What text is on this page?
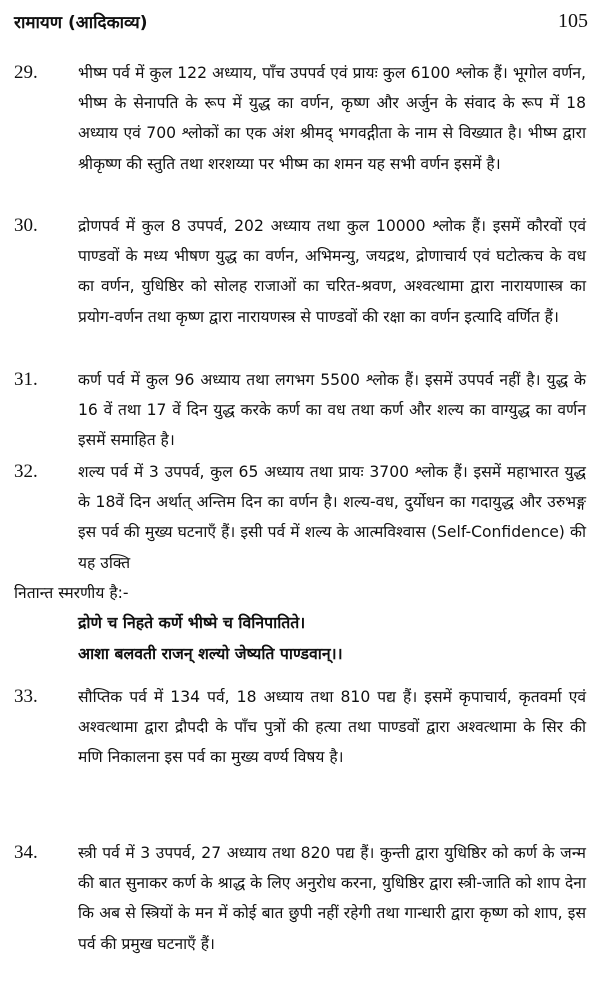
रामायण (आदिकाव्य)	105
29.	भीष्म पर्व में कुल 122 अध्याय, पाँच उपपर्व एवं प्रायः कुल 6100 श्लोक हैं। भूगोल वर्णन, भीष्म के सेनापति के रूप में युद्ध का वर्णन, कृष्ण और अर्जुन के संवाद के रूप में 18 अध्याय एवं 700 श्लोकों का एक अंश श्रीमद् भगवद्गीता के नाम से विख्यात है। भीष्म द्वारा श्रीकृष्ण की स्तुति तथा शरशय्या पर भीष्म का शमन यह सभी वर्णन इसमें है।
30.	द्रोणपर्व में कुल 8 उपपर्व, 202 अध्याय तथा कुल 10000 श्लोक हैं। इसमें कौरवों एवं पाण्डवों के मध्य भीषण युद्ध का वर्णन, अभिमन्यु, जयद्रथ, द्रोणाचार्य एवं घटोत्कच के वध का वर्णन, युधिष्ठिर को सोलह राजाओं का चरित-श्रवण, अश्वत्थामा द्वारा नारायणास्त्र का प्रयोग-वर्णन तथा कृष्ण द्वारा नारायणस्त्र से पाण्डवों की रक्षा का वर्णन इत्यादि वर्णित हैं।
31.	कर्ण पर्व में कुल 96 अध्याय तथा लगभग 5500 श्लोक हैं। इसमें उपपर्व नहीं है। युद्ध के 16 वें तथा 17 वें दिन युद्ध करके कर्ण का वध तथा कर्ण और शल्य का वाग्युद्ध का वर्णन इसमें समाहित है।
32.	शल्य पर्व में 3 उपपर्व, कुल 65 अध्याय तथा प्रायः 3700 श्लोक हैं। इसमें महाभारत युद्ध के 18वें दिन अर्थात् अन्तिम दिन का वर्णन है। शल्य-वध, दुर्योधन का गदायुद्ध और उरुभङ्ग इस पर्व की मुख्य घटनाएँ हैं। इसी पर्व में शल्य के आत्मविश्वास (Self-Confidence) की यह उक्ति
नितान्त स्मरणीय है:-
द्रोणे च निहते कर्णे भीष्मे च विनिपातिते।
आशा बलवती राजन् शल्यो जेष्यति पाण्डवान्।।
33.	सौप्तिक पर्व में 134 पर्व, 18 अध्याय तथा 810 पद्य हैं। इसमें कृपाचार्य, कृतवर्मा एवं अश्वत्थामा द्वारा द्रौपदी के पाँच पुत्रों की हत्या तथा पाण्डवों द्वारा अश्वत्थामा के सिर की मणि निकालना इस पर्व का मुख्य वर्ण्य विषय है।
34.	स्त्री पर्व में 3 उपपर्व, 27 अध्याय तथा 820 पद्य हैं। कुन्ती द्वारा युधिष्ठिर को कर्ण के जन्म की बात सुनाकर कर्ण के श्राद्ध के लिए अनुरोध करना, युधिष्ठिर द्वारा स्त्री-जाति को शाप देना कि अब से स्त्रियों के मन में कोई बात छुपी नहीं रहेगी तथा गान्धारी द्वारा कृष्ण को शाप, इस पर्व की प्रमुख घटनाएँ हैं।
